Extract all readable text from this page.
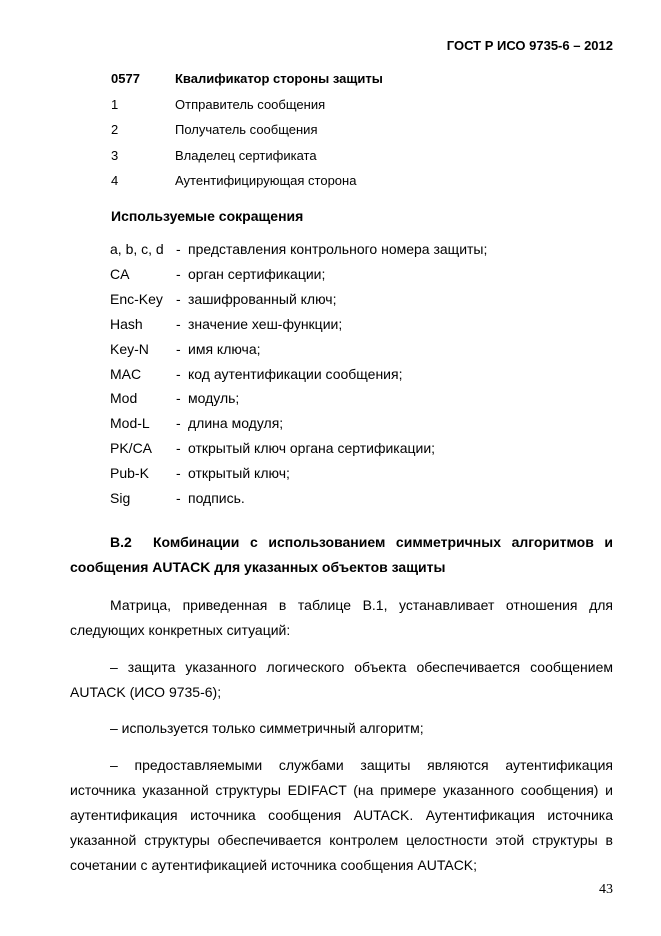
ГОСТ Р ИСО 9735-6 – 2012
0577	Квалификатор стороны защиты
1	Отправитель сообщения
2	Получатель сообщения
3	Владелец сертификата
4	Аутентифицирующая сторона
Используемые сокращения
a, b, c, d - представления контрольного номера защиты;
CA	- орган сертификации;
Enc-Key - зашифрованный ключ;
Hash - значение хеш-функции;
Key-N - имя ключа;
MAC - код аутентификации сообщения;
Mod	- модуль;
Mod-L - длина модуля;
PK/CA - открытый ключ органа сертификации;
Pub-K - открытый ключ;
Sig	- подпись.
B.2 Комбинации с использованием симметричных алгоритмов и
сообщения AUTACK для указанных объектов защиты
Матрица, приведенная в таблице В.1, устанавливает отношения для
следующих конкретных ситуаций:
– защита указанного логического объекта обеспечивается сообщением
AUTACK (ИСО 9735-6);
– используется только симметричный алгоритм;
– предоставляемыми службами защиты являются аутентификация
источника указанной структуры EDIFACT (на примере указанного сообщения) и
аутентификация источника сообщения AUTACK. Аутентификация источника
указанной структуры обеспечивается контролем целостности этой структуры в
сочетании с аутентификацией источника сообщения AUTACK;
43
